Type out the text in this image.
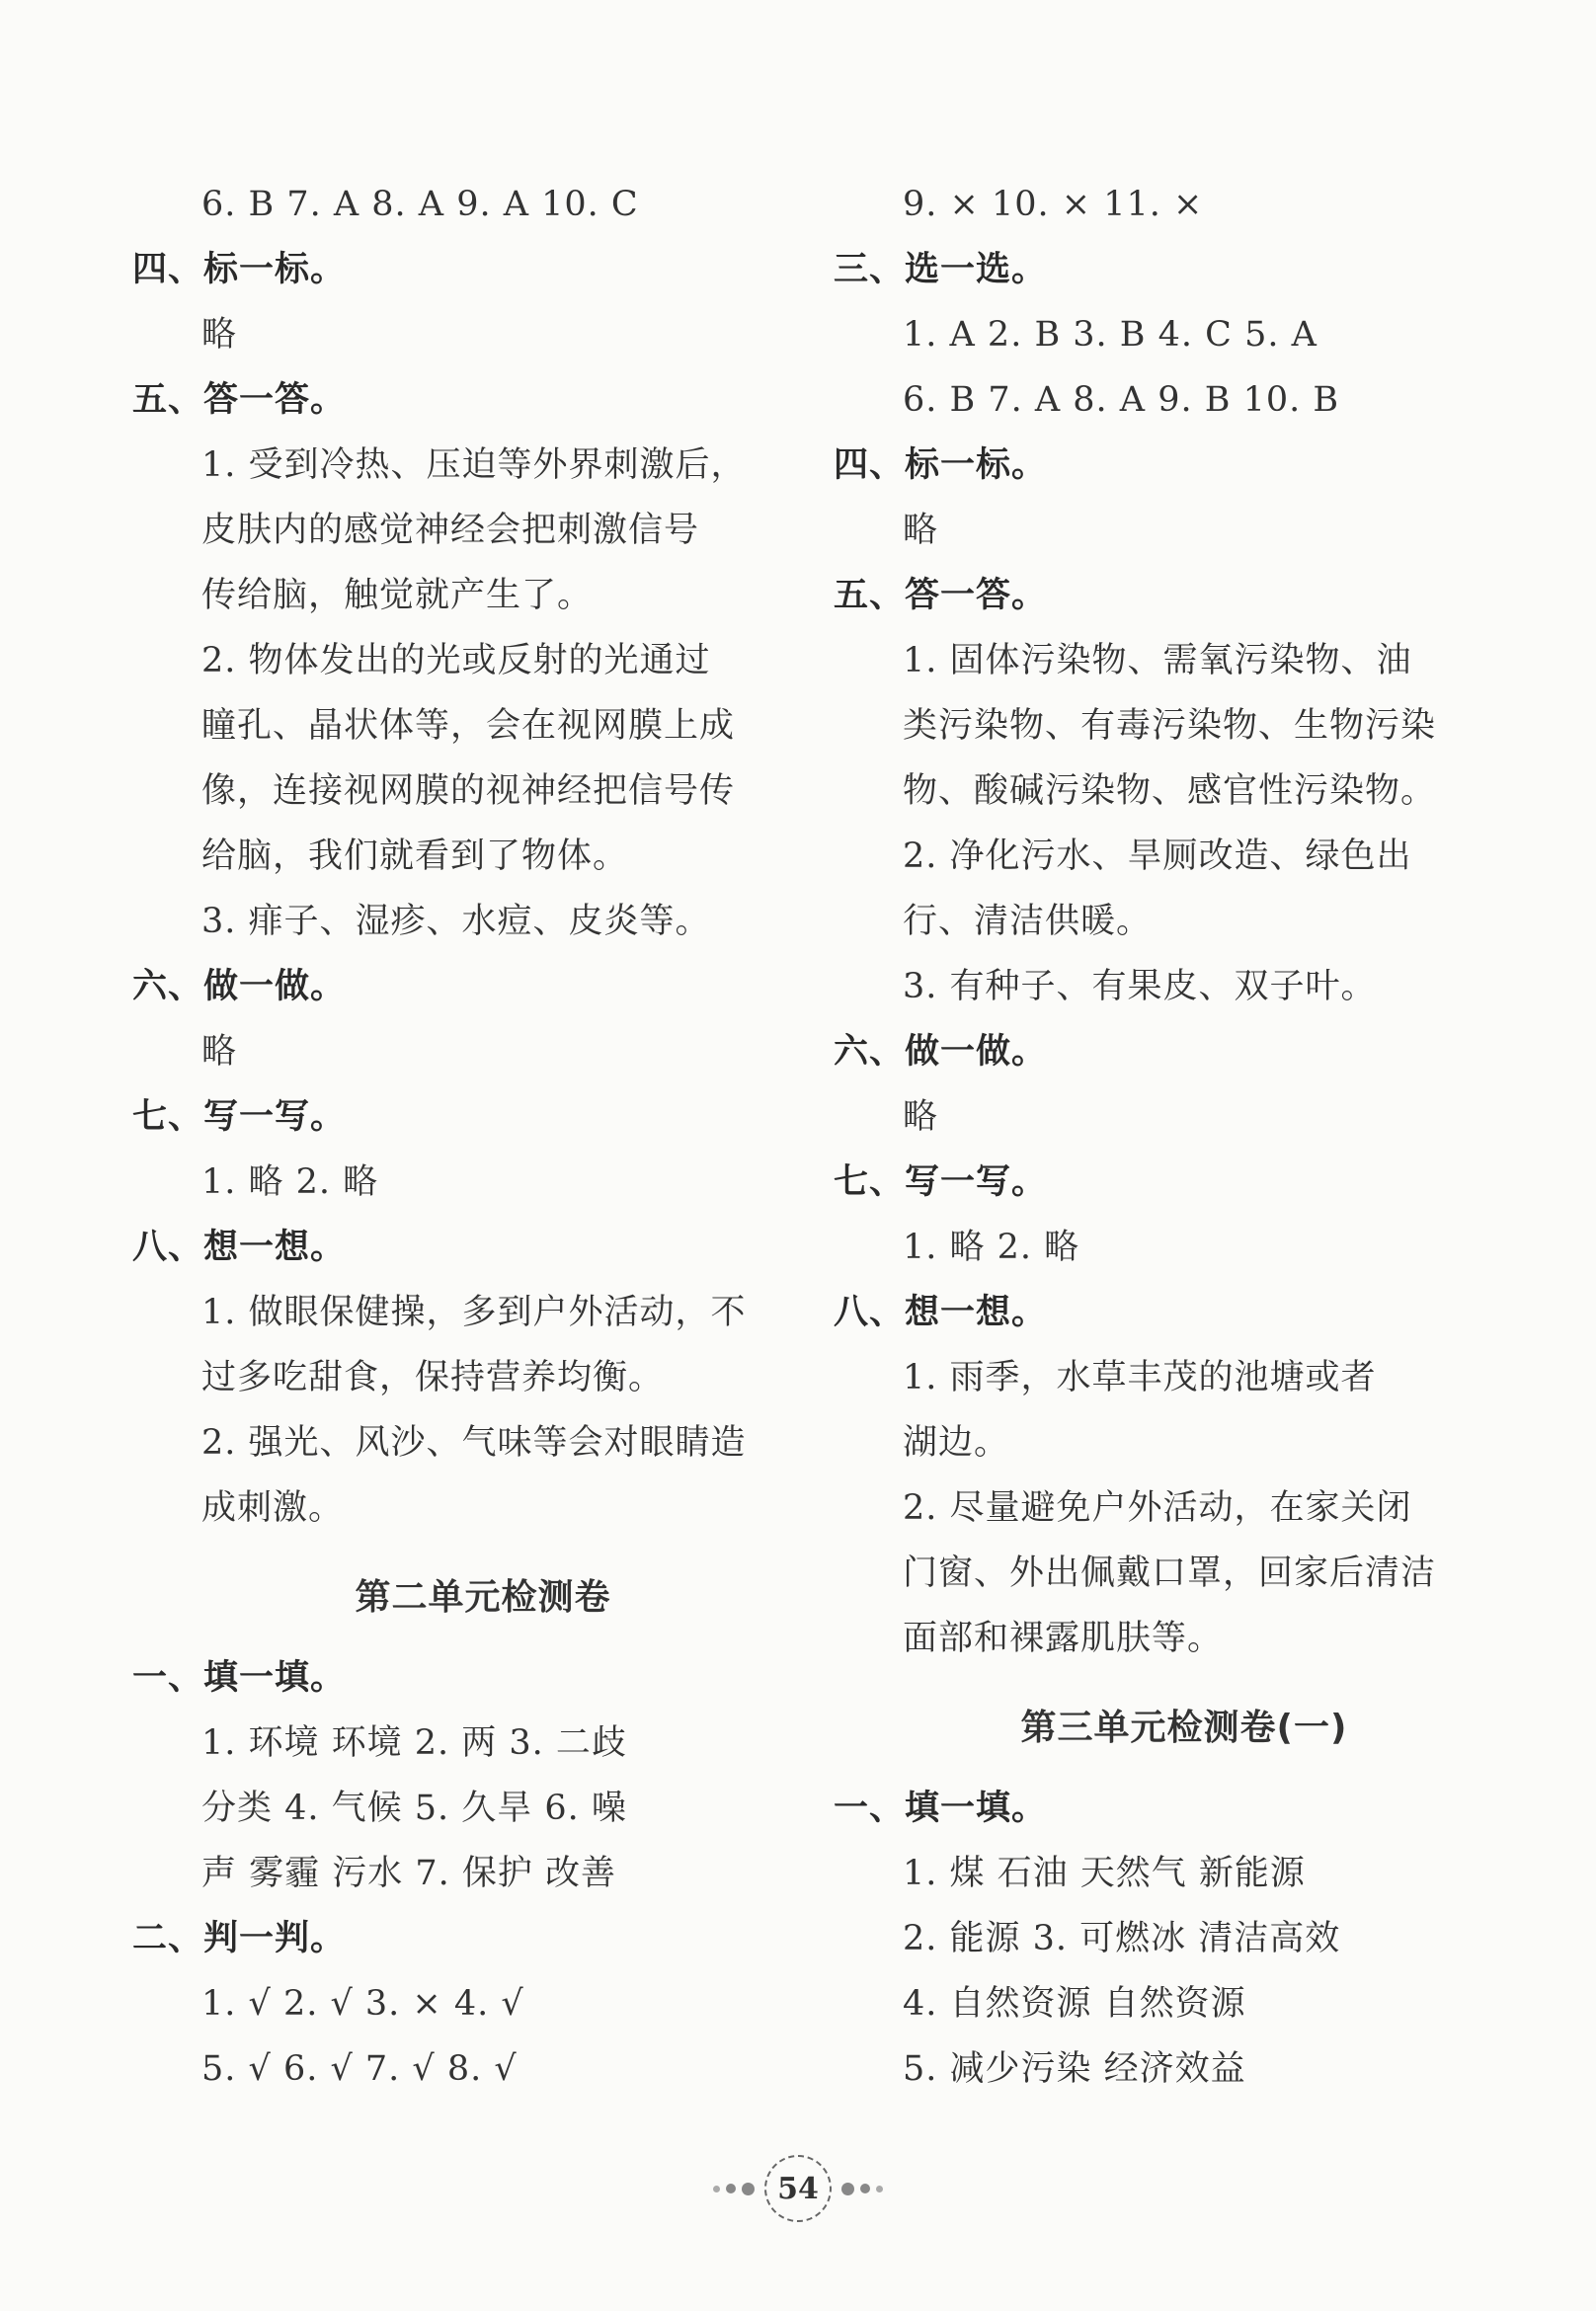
6. B 7. A 8. A 9. A 10. C
四、标一标。
略
五、答一答。
1. 受到冷热、压迫等外界刺激后，
皮肤内的感觉神经会把刺激信号
传给脑，触觉就产生了。
2. 物体发出的光或反射的光通过
瞳孔、晶状体等，会在视网膜上成
像，连接视网膜的视神经把信号传
给脑，我们就看到了物体。
3. 痱子、湿疹、水痘、皮炎等。
六、做一做。
略
七、写一写。
1. 略 2. 略
八、想一想。
1. 做眼保健操，多到户外活动，不
过多吃甜食，保持营养均衡。
2. 强光、风沙、气味等会对眼睛造
成刺激。
第二单元检测卷
一、填一填。
1. 环境 环境 2. 两 3. 二歧
分类 4. 气候 5. 久旱 6. 噪
声 雾霾 污水 7. 保护 改善
二、判一判。
1. √ 2. √ 3. × 4. √
5. √ 6. √ 7. √ 8. √
9. × 10. × 11. ×
三、选一选。
1. A 2. B 3. B 4. C 5. A
6. B 7. A 8. A 9. B 10. B
四、标一标。
略
五、答一答。
1. 固体污染物、需氧污染物、油
类污染物、有毒污染物、生物污染
物、酸碱污染物、感官性污染物。
2. 净化污水、旱厕改造、绿色出
行、清洁供暖。
3. 有种子、有果皮、双子叶。
六、做一做。
略
七、写一写。
1. 略 2. 略
八、想一想。
1. 雨季，水草丰茂的池塘或者
湖边。
2. 尽量避免户外活动，在家关闭
门窗、外出佩戴口罩，回家后清洁
面部和裸露肌肤等。
第三单元检测卷(一)
一、填一填。
1. 煤 石油 天然气 新能源
2. 能源 3. 可燃冰 清洁高效
4. 自然资源 自然资源
5. 减少污染 经济效益
54
